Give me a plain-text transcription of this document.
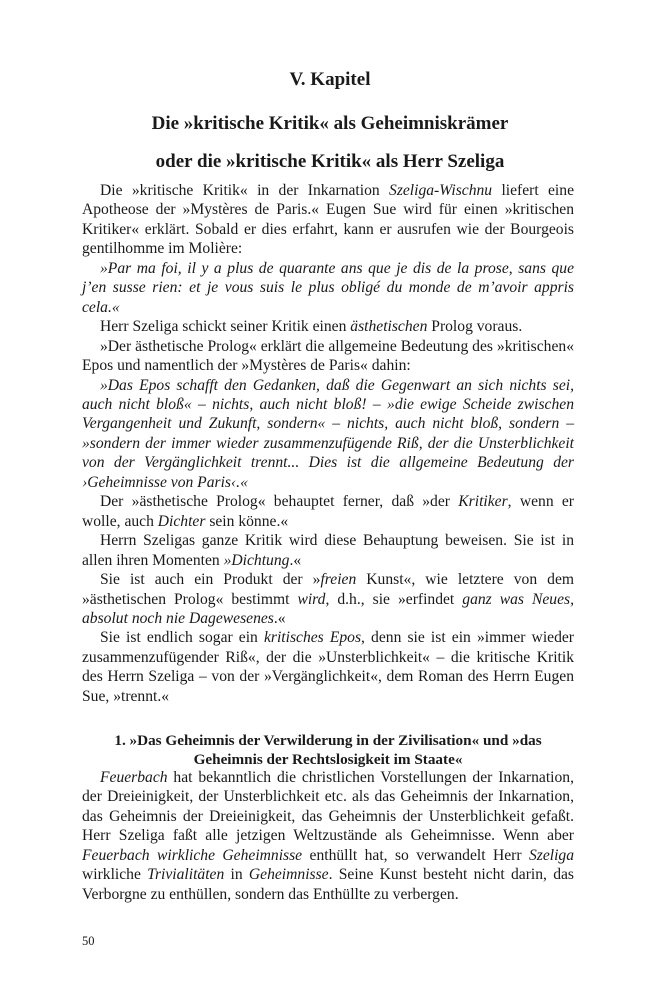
V. Kapitel
Die »kritische Kritik« als Geheimniskrämer
oder die »kritische Kritik« als Herr Szeliga

Die »kritische Kritik« in der Inkarnation Szeliga-Wischnu liefert eine Apotheose der »Mystères de Paris.« Eugen Sue wird für einen »kritischen Kritiker« erklärt. Sobald er dies erfahrt, kann er ausrufen wie der Bourgeois gentilhomme im Molière:

»Par ma foi, il y a plus de quarante ans que je dis de la prose, sans que j’en susse rien: et je vous suis le plus obligé du monde de m’avoir appris cela.«

Herr Szeliga schickt seiner Kritik einen ästhetischen Prolog voraus.

»Der ästhetische Prolog« erklärt die allgemeine Bedeutung des »kritischen« Epos und namentlich der »Mystères de Paris« dahin:

»Das Epos schafft den Gedanken, daß die Gegenwart an sich nichts sei, auch nicht bloß« – nichts, auch nicht bloß! – »die ewige Scheide zwischen Vergangenheit und Zukunft, sondern« – nichts, auch nicht bloß, sondern – »sondern der immer wieder zusammenzufügende Riß, der die Unsterblichkeit von der Vergänglichkeit trennt... Dies ist die allgemeine Bedeutung der ›Geheimnisse von Paris‹.«

Der »ästhetische Prolog« behauptet ferner, daß »der Kritiker, wenn er wolle, auch Dichter sein könne.«

Herrn Szeligas ganze Kritik wird diese Behauptung beweisen. Sie ist in allen ihren Momenten »Dichtung.«

Sie ist auch ein Produkt der »freien Kunst«, wie letztere von dem »ästhetischen Prolog« bestimmt wird, d.h., sie »erfindet ganz was Neues, absolut noch nie Dagewesenes.«

Sie ist endlich sogar ein kritisches Epos, denn sie ist ein »immer wieder zusammenzufügender Riß«, der die »Unsterblichkeit« – die kritische Kritik des Herrn Szeliga – von der »Vergänglichkeit«, dem Roman des Herrn Eugen Sue, »trennt.«

1. »Das Geheimnis der Verwilderung in der Zivilisation« und »das Geheimnis der Rechtslosigkeit im Staate«

Feuerbach hat bekanntlich die christlichen Vorstellungen der Inkarnation, der Dreieinigkeit, der Unsterblichkeit etc. als das Geheimnis der Inkarnation, das Geheimnis der Dreieinigkeit, das Geheimnis der Unsterblichkeit gefaßt. Herr Szeliga faßt alle jetzigen Weltzustände als Geheimnisse. Wenn aber Feuerbach wirkliche Geheimnisse enthüllt hat, so verwandelt Herr Szeliga wirkliche Trivialitäten in Geheimnisse. Seine Kunst besteht nicht darin, das Verborgne zu enthüllen, sondern das Enthüllte zu verbergen.

50
